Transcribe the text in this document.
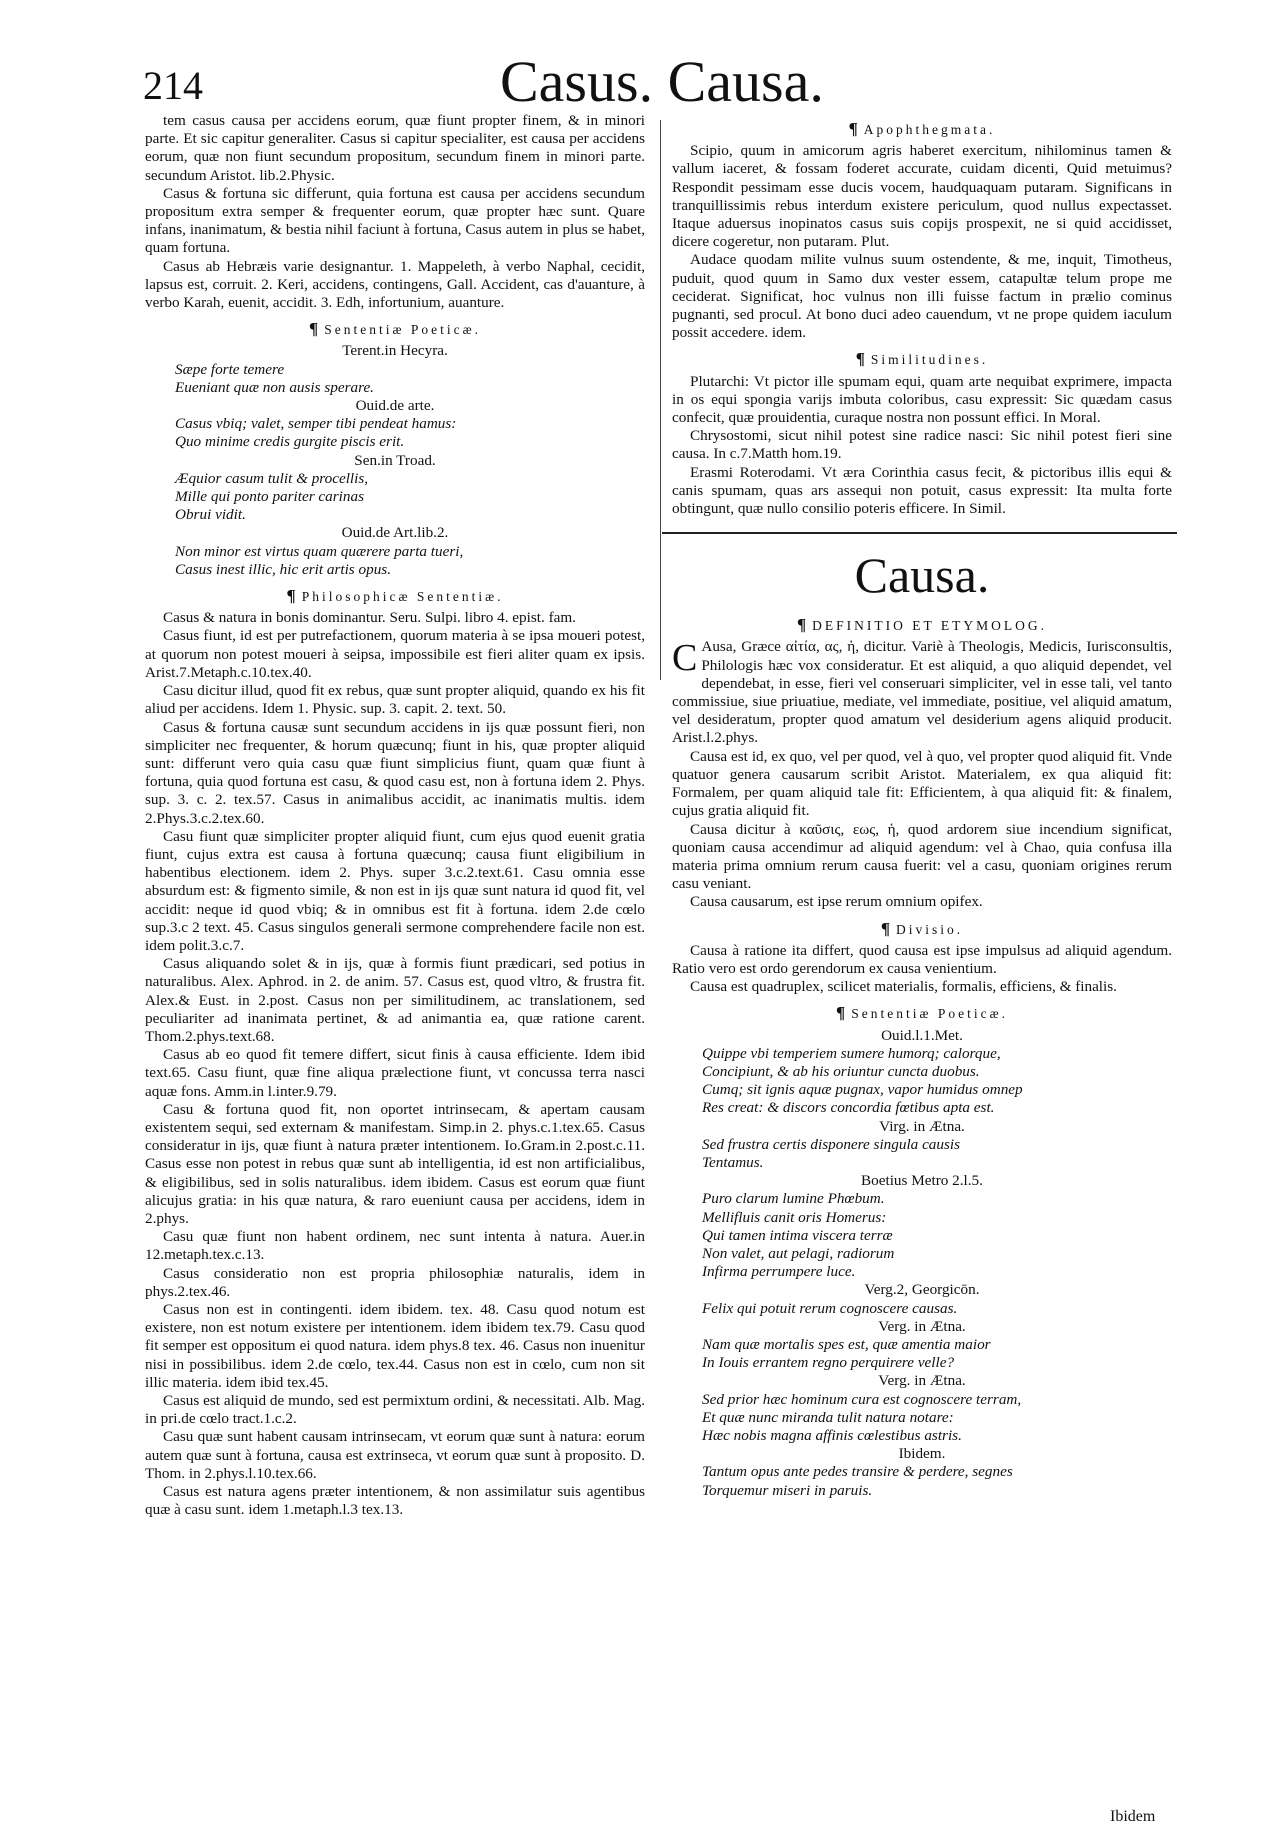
214	Casus. Causa.

tem casus causa per accidens eorum, quæ fiunt propter finem, & in minori parte. Et sic capitur generaliter. Casus si capitur specialiter, est causa per accidens eorum, quæ non fiunt secundum propositum, secundum finem in minori parte. secundum Aristot. lib.2.Physic.

Casus & fortuna sic differunt, quia fortuna est causa per accidens secundum propositum extra semper & frequenter eorum, quæ propter hæc sunt. Quare infans, inanimatum, & bestia nihil faciunt à fortuna, Casus autem in plus se habet, quam fortuna.

Casus ab Hebræis varie designantur. 1. Mappeleth, à verbo Naphal, cecidit, lapsus est, corruit. 2. Keri, accidens, contingens, Gall. Accident, cas d'auanture, à verbo Karah, euenit, accidit. 3. Edh, infortunium, auanture.

¶ Sententiæ Poeticæ.

Terent.in Hecyra.

Sæpe forte temere

Eueniant quæ non ausis sperare.

Ouid.de arte.

Casus vbiq; valet, semper tibi pendeat hamus:

Quo minime credis gurgite piscis erit.

Sen.in Troad.

Æquior casum tulit & procellis,

Mille qui ponto pariter carinas

Obrui vidit.

Ouid.de Art.lib.2.

Non minor est virtus quam quærere parta tueri,

Casus inest illic, hic erit artis opus.

¶ Philosophicæ Sententiæ.

Casus & natura in bonis dominantur. Seru. Sulpi. libro 4. epist. fam.

Casus fiunt, id est per putrefactionem, quorum materia à se ipsa moueri potest, at quorum non potest moueri à seipsa, impossibile est fieri aliter quam ex ipsis. Arist.7.Metaph.c.10.tex.40.

Casu dicitur illud, quod fit ex rebus, quæ sunt propter aliquid, quando ex his fit aliud per accidens. Idem 1. Physic. sup. 3. capit. 2. text. 50.

Casus & fortuna causæ sunt secundum accidens in ijs quæ possunt fieri, non simpliciter nec frequenter, & horum quæcunq; fiunt in his, quæ propter aliquid sunt: differunt vero quia casu quæ fiunt simplicius fiunt, quam quæ fiunt à fortuna, quia quod fortuna est casu, & quod casu est, non à fortuna idem 2. Phys. sup. 3. c. 2. tex.57. Casus in animalibus accidit, ac inanimatis multis. idem 2.Phys.3.c.2.tex.60.

Casu fiunt quæ simpliciter propter aliquid fiunt, cum ejus quod euenit gratia fiunt, cujus extra est causa à fortuna quæcunq; causa fiunt eligibilium in habentibus electionem. idem 2. Phys. super 3.c.2.text.61. Casu omnia esse absurdum est: & figmento simile, & non est in ijs quæ sunt natura id quod fit, vel accidit: neque id quod vbiq; & in omnibus est fit à fortuna. idem 2.de cœlo sup.3.c 2 text. 45. Casus singulos generali sermone comprehendere facile non est. idem polit.3.c.7.

Casus aliquando solet & in ijs, quæ à formis fiunt prædicari, sed potius in naturalibus. Alex. Aphrod. in 2. de anim. 57. Casus est, quod vltro, & frustra fit. Alex.& Eust. in 2.post. Casus non per similitudinem, ac translationem, sed peculiariter ad inanimata pertinet, & ad animantia ea, quæ ratione carent. Thom.2.phys.text.68.

Casus ab eo quod fit temere differt, sicut finis à causa efficiente. Idem ibid text.65. Casu fiunt, quæ fine aliqua prælectione fiunt, vt concussa terra nasci aquæ fons. Amm.in l.inter.9.79.

Casu & fortuna quod fit, non oportet intrinsecam, & apertam causam existentem sequi, sed externam & manifestam. Simp.in 2. phys.c.1.tex.65. Casus consideratur in ijs, quæ fiunt à natura præter intentionem. Io.Gram.in 2.post.c.11. Casus esse non potest in rebus quæ sunt ab intelligentia, id est non artificialibus, & eligibilibus, sed in solis naturalibus. idem ibidem. Casus est eorum quæ fiunt alicujus gratia: in his quæ natura, & raro eueniunt causa per accidens, idem in 2.phys.

Casu quæ fiunt non habent ordinem, nec sunt intenta à natura. Auer.in 12.metaph.tex.c.13.

Casus consideratio non est propria philosophiæ naturalis, idem in phys.2.tex.46.

Casus non est in contingenti. idem ibidem. tex. 48. Casu quod notum est existere, non est notum existere per intentionem. idem ibidem tex.79. Casu quod fit semper est oppositum ei quod natura. idem phys.8 tex. 46. Casus non inuenitur nisi in possibilibus. idem 2.de cœlo, tex.44. Casus non est in cœlo, cum non sit illic materia. idem ibid tex.45.

Casus est aliquid de mundo, sed est permixtum ordini, & necessitati. Alb. Mag. in pri.de cœlo tract.1.c.2.

Casu quæ sunt habent causam intrinsecam, vt eorum quæ sunt à natura: eorum autem quæ sunt à fortuna, causa est extrinseca, vt eorum quæ sunt à proposito. D. Thom. in 2.phys.l.10.tex.66.

Casus est natura agens præter intentionem, & non assimilatur suis agentibus quæ à casu sunt. idem 1.metaph.l.3 tex.13.

¶ Apophthegmata.

Scipio, quum in amicorum agris haberet exercitum, nihilominus tamen & vallum iaceret, & fossam foderet accurate, cuidam dicenti, Quid metuimus? Respondit pessimam esse ducis vocem, haudquaquam putaram. Significans in tranquillissimis rebus interdum existere periculum, quod nullus expectasset. Itaque aduersus inopinatos casus suis copijs prospexit, ne si quid accidisset, dicere cogeretur, non putaram. Plut.

Audace quodam milite vulnus suum ostendente, & me, inquit, Timotheus, puduit, quod quum in Samo dux vester essem, catapultæ telum prope me ceciderat. Significat, hoc vulnus non illi fuisse factum in prælio cominus pugnanti, sed procul. At bono duci adeo cauendum, vt ne prope quidem iaculum possit accedere. idem.

¶ Similitudines.

Plutarchi: Vt pictor ille spumam equi, quam arte nequibat exprimere, impacta in os equi spongia varijs imbuta coloribus, casu expressit: Sic quædam casus confecit, quæ prouidentia, curaque nostra non possunt effici. In Moral.

Chrysostomi, sicut nihil potest sine radice nasci: Sic nihil potest fieri sine causa. In c.7.Matth hom.19.

Erasmi Roterodami. Vt æra Corinthia casus fecit, & pictoribus illis equi & canis spumam, quas ars assequi non potuit, casus expressit: Ita multa forte obtingunt, quæ nullo consilio poteris efficere. In Simil.

Causa.
¶ DEFINITIO ET ETYMOLOG.

C Ausa, Græce αἰτία, ας, ἡ, dicitur. Variè à Theologis, Medicis, Iurisconsultis, Philologis hæc vox consideratur. Et est aliquid, a quo aliquid dependet, vel dependebat, in esse, fieri vel conseruari simpliciter, vel in esse tali, vel tanto commissiue, siue priuatiue, mediate, vel immediate, positiue, vel aliquid amatum, vel desideratum, propter quod amatum vel desiderium agens aliquid producit. Arist.l.2.phys.

Causa est id, ex quo, vel per quod, vel à quo, vel propter quod aliquid fit. Vnde quatuor genera causarum scribit Aristot. Materialem, ex qua aliquid fit: Formalem, per quam aliquid tale fit: Efficientem, à qua aliquid fit: & finalem, cujus gratia aliquid fit.

Causa dicitur à καῦσις, εως, ἡ, quod ardorem siue incendium significat, quoniam causa accendimur ad aliquid agendum: vel à Chao, quia confusa illa materia prima omnium rerum causa fuerit: vel a casu, quoniam origines rerum casu veniant.

Causa causarum, est ipse rerum omnium opifex.

¶ Divisio.

Causa à ratione ita differt, quod causa est ipse impulsus ad aliquid agendum. Ratio vero est ordo gerendorum ex causa venientium.

Causa est quadruplex, scilicet materialis, formalis, efficiens, & finalis.

¶ Sententiæ Poeticæ.

Ouid.l.1.Met.

Quippe vbi temperiem sumere humorq; calorque,

Concipiunt, & ab his oriuntur cuncta duobus.

Cumq; sit ignis aquæ pugnax, vapor humidus omnep

Res creat: & discors concordia fœtibus apta est.

Virg. in Ætna.

Sed frustra certis disponere singula causis

Tentamus.

Boetius Metro 2.l.5.

Puro clarum lumine Phœbum.

Mellifluis canit oris Homerus:

Qui tamen intima viscera terræ

Non valet, aut pelagi, radiorum

Infirma perrumpere luce.

Verg.2, Georgicōn.

Felix qui potuit rerum cognoscere causas.

Verg. in Ætna.

Nam quæ mortalis spes est, quæ amentia maior

In Iouis errantem regno perquirere velle?

Verg. in Ætna.

Sed prior hæc hominum cura est cognoscere terram,

Et quæ nunc miranda tulit natura notare:

Hæc nobis magna affinis cœlestibus astris.

Ibidem.

Tantum opus ante pedes transire & perdere, segnes

Torquemur miseri in paruis.

Ibidem
